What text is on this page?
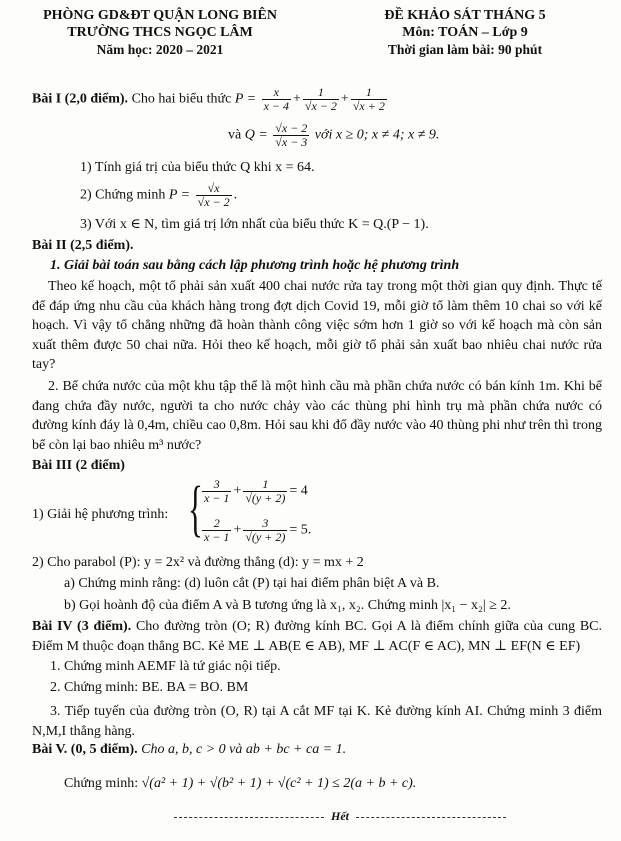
PHÒNG GD&ĐT QUẬN LONG BIÊN
TRƯỜNG THCS NGỌC LÂM
Năm học: 2020 – 2021
ĐỀ KHẢO SÁT THÁNG 5
Môn: TOÁN – Lớp 9
Thời gian làm bài: 90 phút
Bài I (2,0 điểm). Cho hai biểu thức $P = \frac{x}{x - 4} + \frac{1}{√x - 2} + \frac{1}{√x + 2}$
và $Q = \frac{√x - 2}{√x - 3}$ với x ≥ 0; x ≠ 4; x ≠ 9.
1) Tính giá trị của biểu thức Q khi x = 64.
2) Chứng minh $P = \frac{√x}{√x - 2}$ .
3) Với x ∈ N, tìm giá trị lớn nhất của biểu thức K = Q.(P − 1).
Bài II (2,5 điểm).
1. Giải bài toán sau bằng cách lập phương trình hoặc hệ phương trình
Theo kế hoạch, một tổ phải sản xuất 400 chai nước rửa tay trong một thời gian quy định. Thực tế để đáp ứng nhu cầu của khách hàng trong đợt dịch Covid 19, mỗi giờ tổ làm thêm 10 chai so với kế hoạch. Vì vậy tổ chẳng những đã hoàn thành công việc sớm hơn 1 giờ so với kế hoạch mà còn sản xuất thêm được 50 chai nữa. Hỏi theo kế hoạch, mỗi giờ tổ phải sản xuất bao nhiêu chai nước rửa tay?
2. Bể chứa nước của một khu tập thể là một hình cầu mà phần chứa nước có bán kính 1m. Khi bể đang chứa đầy nước, người ta cho nước chảy vào các thùng phi hình trụ mà phần chứa nước có đường kính đáy là 0,4m, chiều cao 0,8m. Hỏi sau khi đổ đầy nước vào 40 thùng phi như trên thì trong bể còn lại bao nhiêu m³ nước?
Bài III (2 điểm)
1) Giải hệ phương trình: { $\frac{3}{x - 1} + \frac{1}{√(y + 2)} = 4$
$\frac{2}{x - 1} + \frac{3}{√(y + 2)} = 5$.
2) Cho parabol (P): y = 2x² và đường thẳng (d): y = mx + 2
a) Chứng minh rằng: (d) luôn cắt (P) tại hai điểm phân biệt A và B.
b) Gọi hoành độ của điểm A và B tương ứng là x₁, x₂. Chứng minh |x₁ − x₂| ≥ 2.
Bài IV (3 điểm). Cho đường tròn (O; R) đường kính BC. Gọi A là điểm chính giữa của cung BC. Điểm M thuộc đoạn thẳng BC. Kẻ ME ⊥ AB(E ∈ AB), MF ⊥ AC(F ∈ AC), MN ⊥ EF(N ∈ EF)
1. Chứng minh AEMF là tứ giác nội tiếp.
2. Chứng minh: BE. BA = BO. BM
3. Tiếp tuyến của đường tròn (O, R) tại A cắt MF tại K. Kẻ đường kính AI. Chứng minh 3 điểm N,M,I thẳng hàng.
Bài V. (0, 5 điểm). Cho a, b, c > 0 và ab + bc + ca = 1.
Chứng minh: √(a² + 1) + √(b² + 1) + √(c² + 1) ≤ 2(a + b + c).
Hết
